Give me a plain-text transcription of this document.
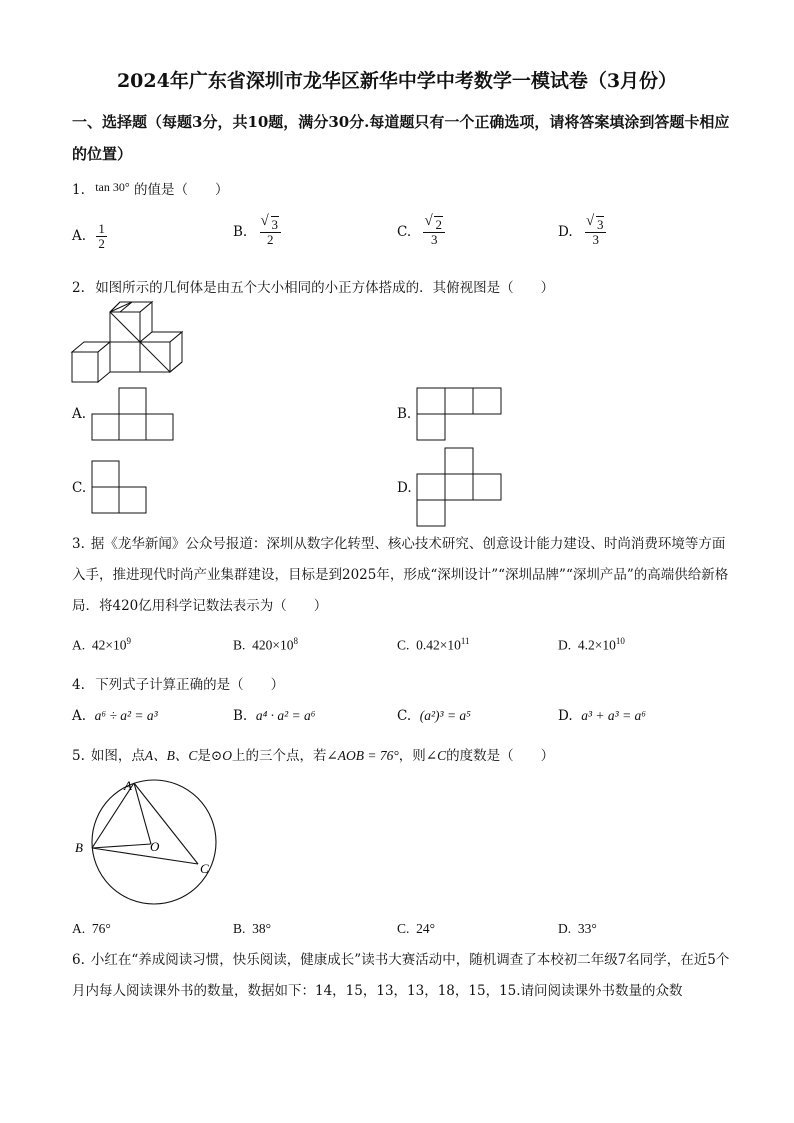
2024年广东省深圳市龙华区新华中学中考数学一模试卷（3月份）
一、选择题（每题3分，共10题，满分30分.每道题只有一个正确选项，请将答案填涂到答题卡相应的位置）
1. tan 30° 的值是（　　）
A. $\frac{1}{2}$	B. √ $\frac{3}{2}$	C. √ $\frac{2}{3}$	D. √ $\frac{3}{3}$
2. 如图所示的几何体是由五个大小相同的小正方体搭成的．其俯视图是（　　）
A.	B.
C.	D.
3. 据《龙华新闻》公众号报道：深圳从数字化转型、核心技术研究、创意设计能力建设、时尚消费环境等方面入手，推进现代时尚产业集群建设，目标是到2025年，形成“深圳设计”“深圳品牌”“深圳产品”的高端供给新格局．将420亿用科学记数法表示为（　　）
A. $42\times 10^9$	B. $420\times 10^8$	C. $0.42\times 10^{11}$	D. $4.2\times 10^{10}$
4. 下列式子计算正确的是（　　）
A. a⁶ ÷ a² = a³	B. a⁴ · a² = a⁶	C. (a²)³ = a⁵	D. a³ + a³ = a⁶
5. 如图，点A、B、C是⊙O上的三个点，若∠AOB = 76°，则∠C的度数是（　　）
A
B	O
C
A. 76°	B. 38°	C. 24°	D. 33°
6. 小红在“养成阅读习惯，快乐阅读，健康成长”读书大赛活动中，随机调查了本校初二年级7名同学，在近5个月内每人阅读课外书的数量，数据如下：14，15，13，13，18，15，15.请问阅读课外书数量的众数
